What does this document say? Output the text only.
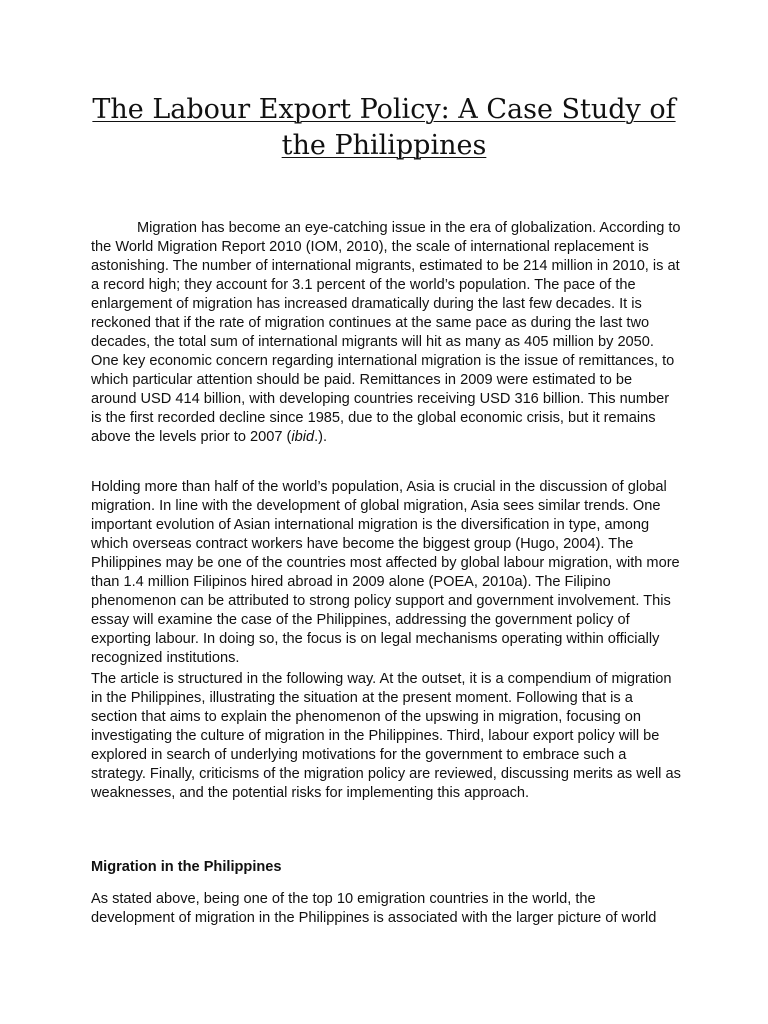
The Labour Export Policy: A Case Study of
the Philippines

Migration has become an eye-catching issue in the era of globalization. According to the World Migration Report 2010 (IOM, 2010), the scale of international replacement is astonishing. The number of international migrants, estimated to be 214 million in 2010, is at a record high; they account for 3.1 percent of the world’s population. The pace of the enlargement of migration has increased dramatically during the last few decades. It is reckoned that if the rate of migration continues at the same pace as during the last two decades, the total sum of international migrants will hit as many as 405 million by 2050. One key economic concern regarding international migration is the issue of remittances, to which particular attention should be paid. Remittances in 2009 were estimated to be around USD 414 billion, with developing countries receiving USD 316 billion. This number is the first recorded decline since 1985, due to the global economic crisis, but it remains above the levels prior to 2007 (ibid.).

Holding more than half of the world’s population, Asia is crucial in the discussion of global migration. In line with the development of global migration, Asia sees similar trends. One important evolution of Asian international migration is the diversification in type, among which overseas contract workers have become the biggest group (Hugo, 2004). The Philippines may be one of the countries most affected by global labour migration, with more than 1.4 million Filipinos hired abroad in 2009 alone (POEA, 2010a). The Filipino phenomenon can be attributed to strong policy support and government involvement. This essay will examine the case of the Philippines, addressing the government policy of exporting labour. In doing so, the focus is on legal mechanisms operating within officially recognized institutions.

The article is structured in the following way. At the outset, it is a compendium of migration in the Philippines, illustrating the situation at the present moment. Following that is a section that aims to explain the phenomenon of the upswing in migration, focusing on investigating the culture of migration in the Philippines. Third, labour export policy will be explored in search of underlying motivations for the government to embrace such a strategy. Finally, criticisms of the migration policy are reviewed, discussing merits as well as weaknesses, and the potential risks for implementing this approach.

Migration in the Philippines

As stated above, being one of the top 10 emigration countries in the world, the development of migration in the Philippines is associated with the larger picture of world
